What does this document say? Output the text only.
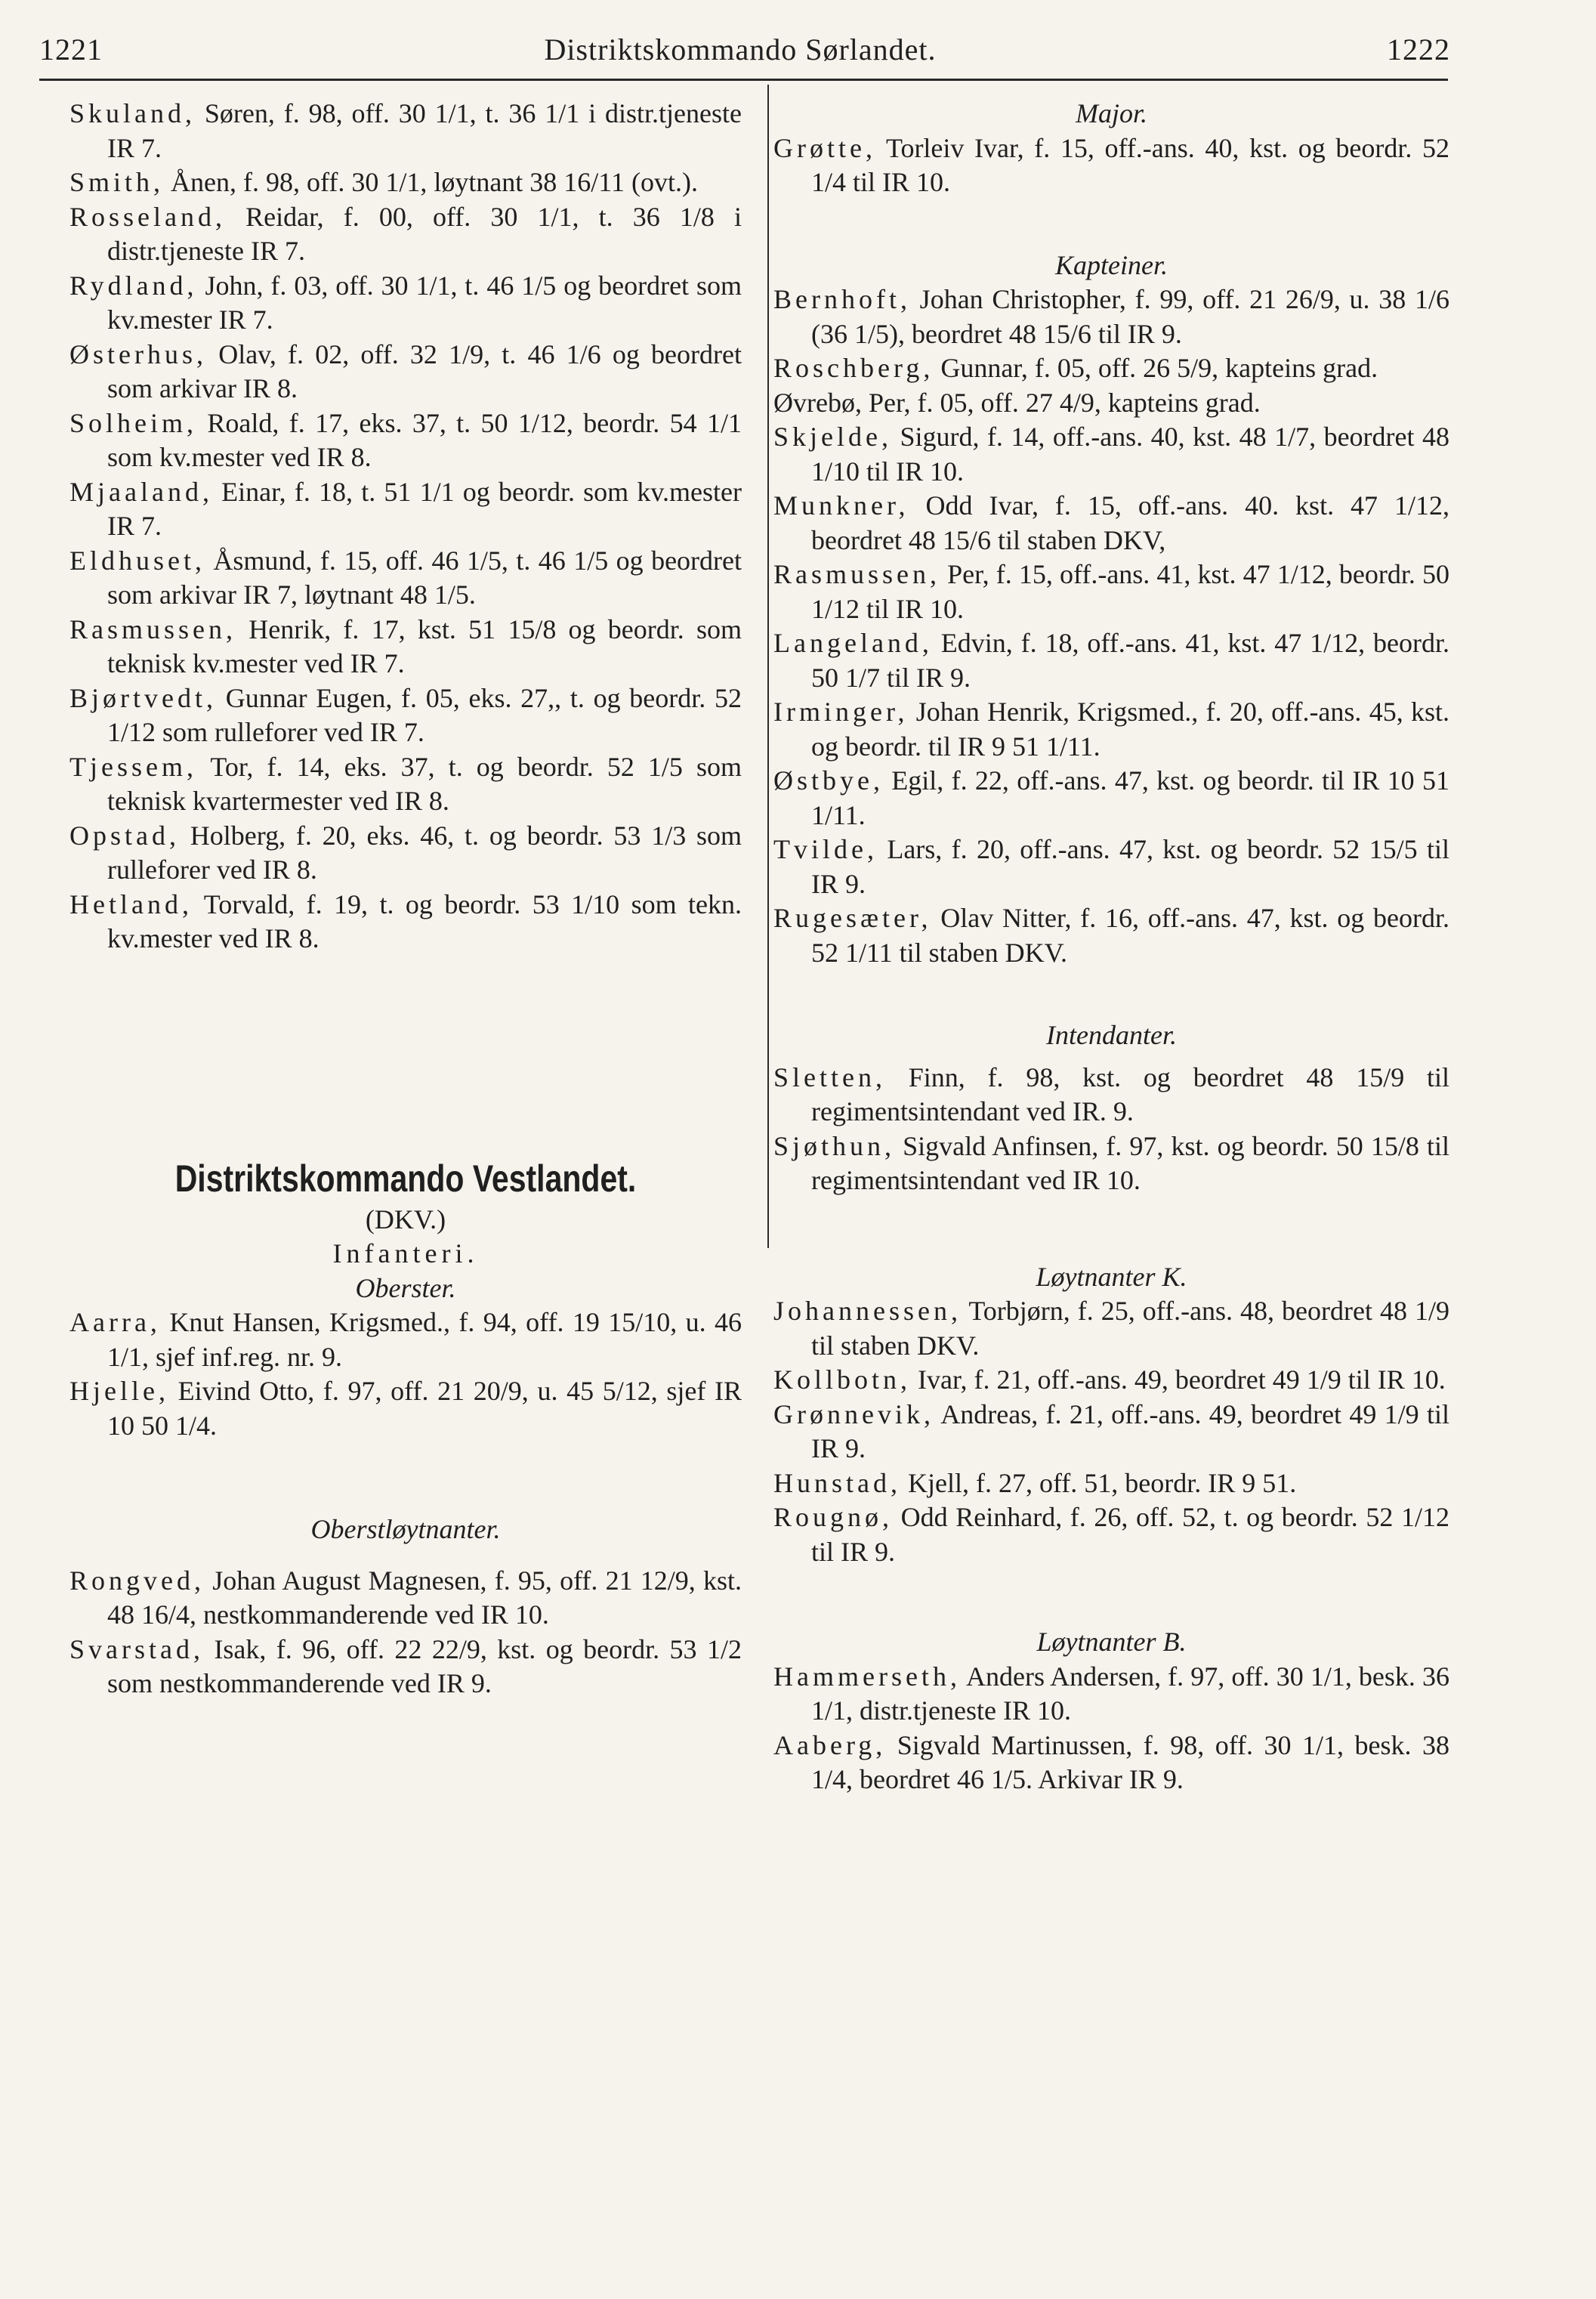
1221	Distriktskommando Sørlandet.	1222

Skuland, Søren, f. 98, off. 30 1/1, t. 36 1/1 i distr.tjeneste IR 7.

Smith, Ånen, f. 98, off. 30 1/1, løytnant 38 16/11 (ovt.).

Rosseland, Reidar, f. 00, off. 30 1/1, t. 36 1/8 i distr.tjeneste IR 7.

Rydland, John, f. 03, off. 30 1/1, t. 46 1/5 og beordret som kv.mester IR 7.

Østerhus, Olav, f. 02, off. 32 1/9, t. 46 1/6 og beordret som arkivar IR 8.

Solheim, Roald, f. 17, eks. 37, t. 50 1/12, beordr. 54 1/1 som kv.mester ved IR 8.

Mjaaland, Einar, f. 18, t. 51 1/1 og beordr. som kv.mester IR 7.

Eldhuset, Åsmund, f. 15, off. 46 1/5, t. 46 1/5 og beordret som arkivar IR 7, løytnant 48 1/5.

Rasmussen, Henrik, f. 17, kst. 51 15/8 og beordr. som teknisk kv.mester ved IR 7.

Bjørtvedt, Gunnar Eugen, f. 05, eks. 27,, t. og beordr. 52 1/12 som rulleforer ved IR 7.

Tjessem, Tor, f. 14, eks. 37, t. og beordr. 52 1/5 som teknisk kvartermester ved IR 8.

Opstad, Holberg, f. 20, eks. 46, t. og beordr. 53 1/3 som rulleforer ved IR 8.

Hetland, Torvald, f. 19, t. og beordr. 53 1/10 som tekn. kv.mester ved IR 8.

Distriktskommando Vestlandet.

(DKV.)

Infanteri.

Oberster.

Aarra, Knut Hansen, Krigsmed., f. 94, off. 19 15/10, u. 46 1/1, sjef inf.reg. nr. 9.

Hjelle, Eivind Otto, f. 97, off. 21 20/9, u. 45 5/12, sjef IR 10 50 1/4.

Oberstløytnanter.

Rongved, Johan August Magnesen, f. 95, off. 21 12/9, kst. 48 16/4, nestkommanderende ved IR 10.

Svarstad, Isak, f. 96, off. 22 22/9, kst. og beordr. 53 1/2 som nestkommanderende ved IR 9.

Major.

Grøtte, Torleiv Ivar, f. 15, off.-ans. 40, kst. og beordr. 52 1/4 til IR 10.

Kapteiner.

Bernhoft, Johan Christopher, f. 99, off. 21 26/9, u. 38 1/6 (36 1/5), beordret 48 15/6 til IR 9.

Roschberg, Gunnar, f. 05, off. 26 5/9, kapteins grad.

Øvrebø, Per, f. 05, off. 27 4/9, kapteins grad.

Skjelde, Sigurd, f. 14, off.-ans. 40, kst. 48 1/7, beordret 48 1/10 til IR 10.

Munkner, Odd Ivar, f. 15, off.-ans. 40. kst. 47 1/12, beordret 48 15/6 til staben DKV,

Rasmussen, Per, f. 15, off.-ans. 41, kst. 47 1/12, beordr. 50 1/12 til IR 10.

Langeland, Edvin, f. 18, off.-ans. 41, kst. 47 1/12, beordr. 50 1/7 til IR 9.

Irminger, Johan Henrik, Krigsmed., f. 20, off.-ans. 45, kst. og beordr. til IR 9 51 1/11.

Østbye, Egil, f. 22, off.-ans. 47, kst. og beordr. til IR 10 51 1/11.

Tvilde, Lars, f. 20, off.-ans. 47, kst. og beordr. 52 15/5 til IR 9.

Rugesæter, Olav Nitter, f. 16, off.-ans. 47, kst. og beordr. 52 1/11 til staben DKV.

Intendanter.

Sletten, Finn, f. 98, kst. og beordret 48 15/9 til regimentsintendant ved IR. 9.

Sjøthun, Sigvald Anfinsen, f. 97, kst. og beordr. 50 15/8 til regimentsintendant ved IR 10.

Løytnanter K.

Johannessen, Torbjørn, f. 25, off.-ans. 48, beordret 48 1/9 til staben DKV.

Kollbotn, Ivar, f. 21, off.-ans. 49, beordret 49 1/9 til IR 10.

Grønnevik, Andreas, f. 21, off.-ans. 49, beordret 49 1/9 til IR 9.

Hunstad, Kjell, f. 27, off. 51, beordr. IR 9 51.

Rougnø, Odd Reinhard, f. 26, off. 52, t. og beordr. 52 1/12 til IR 9.

Løytnanter B.

Hammerseth, Anders Andersen, f. 97, off. 30 1/1, besk. 36 1/1, distr.tjeneste IR 10.

Aaberg, Sigvald Martinussen, f. 98, off. 30 1/1, besk. 38 1/4, beordret 46 1/5. Arkivar IR 9.
